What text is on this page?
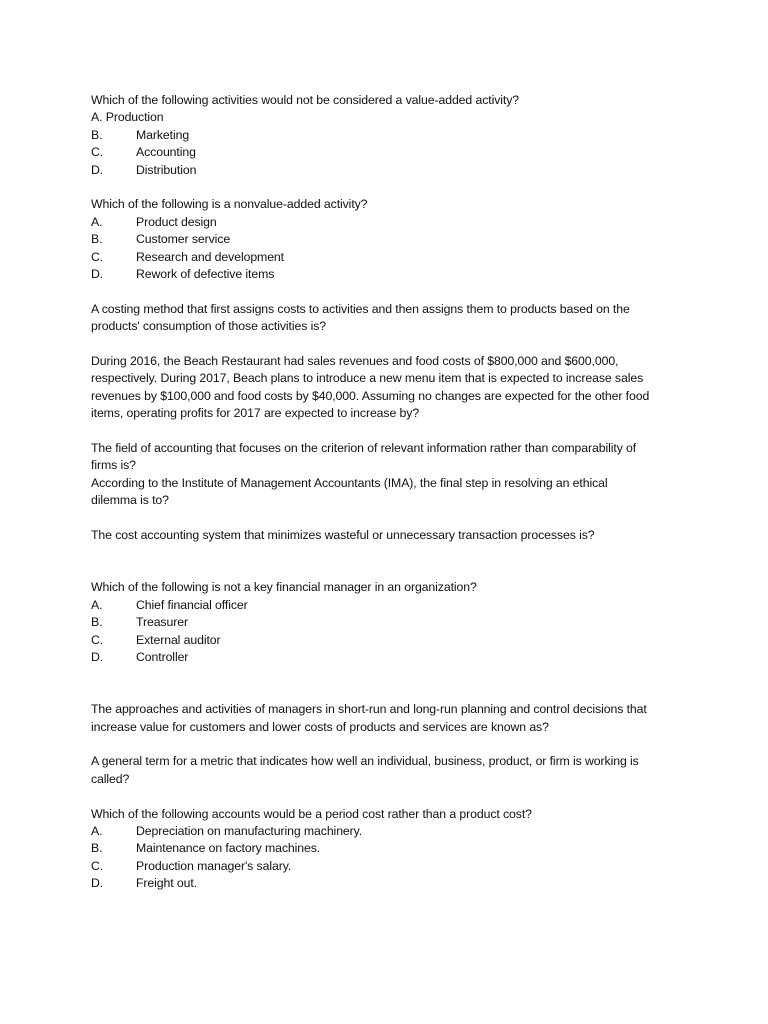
Which of the following activities would not be considered a value-added activity?
A. Production
B.	Marketing
C.	Accounting
D.	Distribution
Which of the following is a nonvalue-added activity?
A.	Product design
B.	Customer service
C.	Research and development
D.	Rework of defective items
A costing method that first assigns costs to activities and then assigns them to products based on the
products' consumption of those activities is?
During 2016, the Beach Restaurant had sales revenues and food costs of $800,000 and $600,000,
respectively. During 2017, Beach plans to introduce a new menu item that is expected to increase sales
revenues by $100,000 and food costs by $40,000. Assuming no changes are expected for the other food
items, operating profits for 2017 are expected to increase by?
The field of accounting that focuses on the criterion of relevant information rather than comparability of
firms is?
According to the Institute of Management Accountants (IMA), the final step in resolving an ethical
dilemma is to?
The cost accounting system that minimizes wasteful or unnecessary transaction processes is?
Which of the following is not a key financial manager in an organization?
A.	Chief financial officer
B.	Treasurer
C.	External auditor
D.	Controller
The approaches and activities of managers in short-run and long-run planning and control decisions that
increase value for customers and lower costs of products and services are known as?
A general term for a metric that indicates how well an individual, business, product, or firm is working is
called?
Which of the following accounts would be a period cost rather than a product cost?
A.	Depreciation on manufacturing machinery.
B.	Maintenance on factory machines.
C.	Production manager's salary.
D.	Freight out.
